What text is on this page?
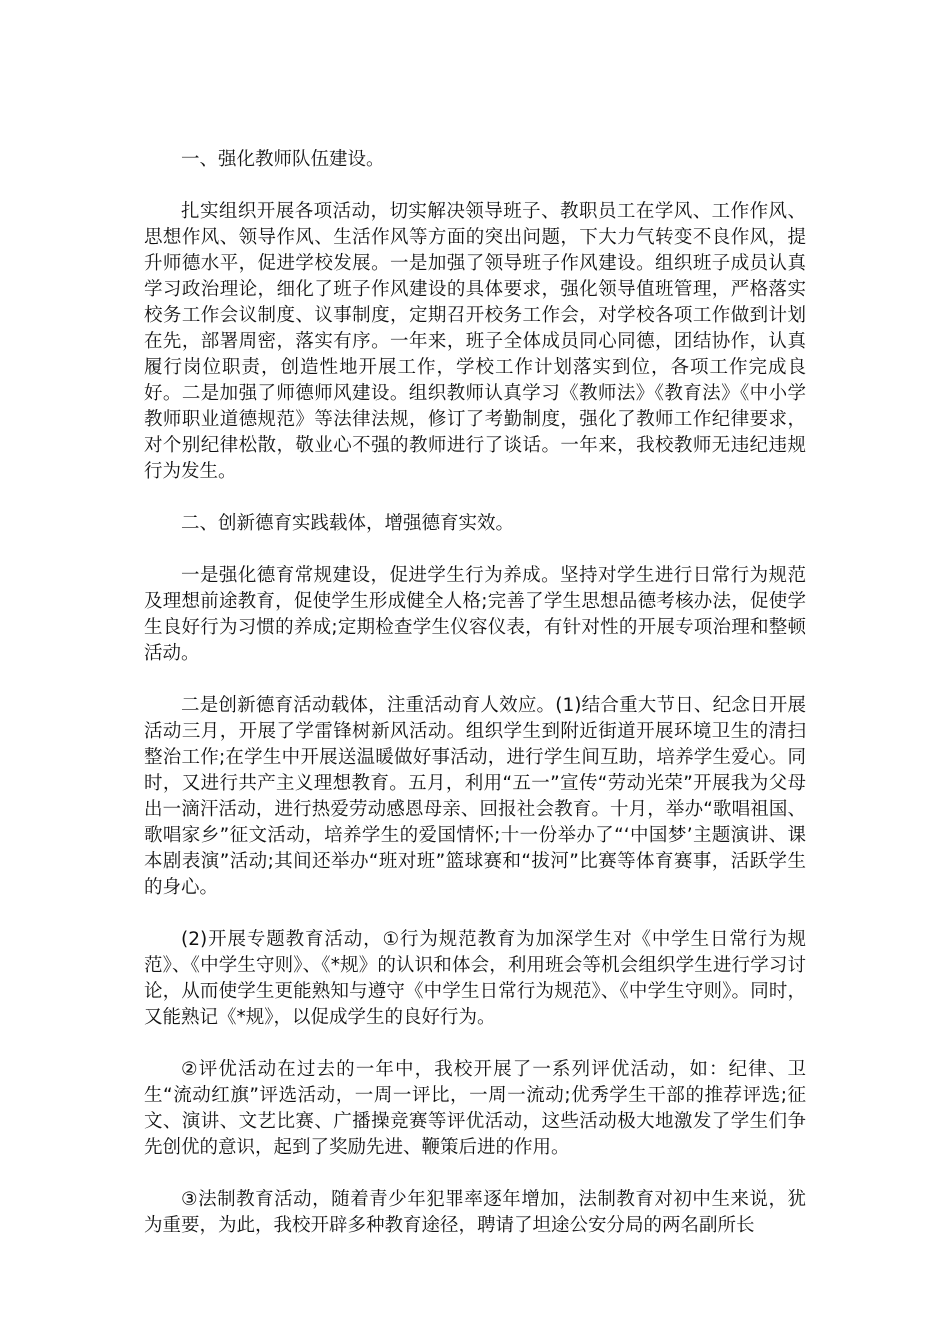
一、强化教师队伍建设。

扎实组织开展各项活动，切实解决领导班子、教职员工在学风、工作作风、思想作风、领导作风、生活作风等方面的突出问题，下大力气转变不良作风，提升师德水平，促进学校发展。一是加强了领导班子作风建设。组织班子成员认真学习政治理论，细化了班子作风建设的具体要求，强化领导值班管理，严格落实校务工作会议制度、议事制度，定期召开校务工作会，对学校各项工作做到计划在先，部署周密，落实有序。一年来，班子全体成员同心同德，团结协作，认真履行岗位职责，创造性地开展工作，学校工作计划落实到位，各项工作完成良好。二是加强了师德师风建设。组织教师认真学习《教师法》《教育法》《中小学教师职业道德规范》等法律法规，修订了考勤制度，强化了教师工作纪律要求，对个别纪律松散，敬业心不强的教师进行了谈话。一年来，我校教师无违纪违规行为发生。

二、创新德育实践载体，增强德育实效。

一是强化德育常规建设，促进学生行为养成。坚持对学生进行日常行为规范及理想前途教育，促使学生形成健全人格;完善了学生思想品德考核办法，促使学生良好行为习惯的养成;定期检查学生仪容仪表，有针对性的开展专项治理和整顿活动。

二是创新德育活动载体，注重活动育人效应。(1)结合重大节日、纪念日开展活动三月，开展了学雷锋树新风活动。组织学生到附近街道开展环境卫生的清扫整治工作;在学生中开展送温暖做好事活动，进行学生间互助，培养学生爱心。同时，又进行共产主义理想教育。五月，利用“五一”宣传“劳动光荣”开展我为父母出一滴汗活动，进行热爱劳动感恩母亲、回报社会教育。十月，举办“歌唱祖国、歌唱家乡”征文活动，培养学生的爱国情怀;十一份举办了“‘中国梦’主题演讲、课本剧表演”活动;其间还举办“班对班”篮球赛和“拔河”比赛等体育赛事，活跃学生的身心。

(2)开展专题教育活动，①行为规范教育为加深学生对《中学生日常行为规范》、《中学生守则》、《*规》的认识和体会，利用班会等机会组织学生进行学习讨论，从而使学生更能熟知与遵守《中学生日常行为规范》、《中学生守则》。同时，又能熟记《*规》，以促成学生的良好行为。

②评优活动在过去的一年中，我校开展了一系列评优活动，如：纪律、卫生“流动红旗”评选活动，一周一评比，一周一流动;优秀学生干部的推荐评选;征文、演讲、文艺比赛、广播操竞赛等评优活动，这些活动极大地激发了学生们争先创优的意识，起到了奖励先进、鞭策后进的作用。

③法制教育活动，随着青少年犯罪率逐年增加，法制教育对初中生来说，犹为重要，为此，我校开辟多种教育途径，聘请了坦途公安分局的两名副所长
